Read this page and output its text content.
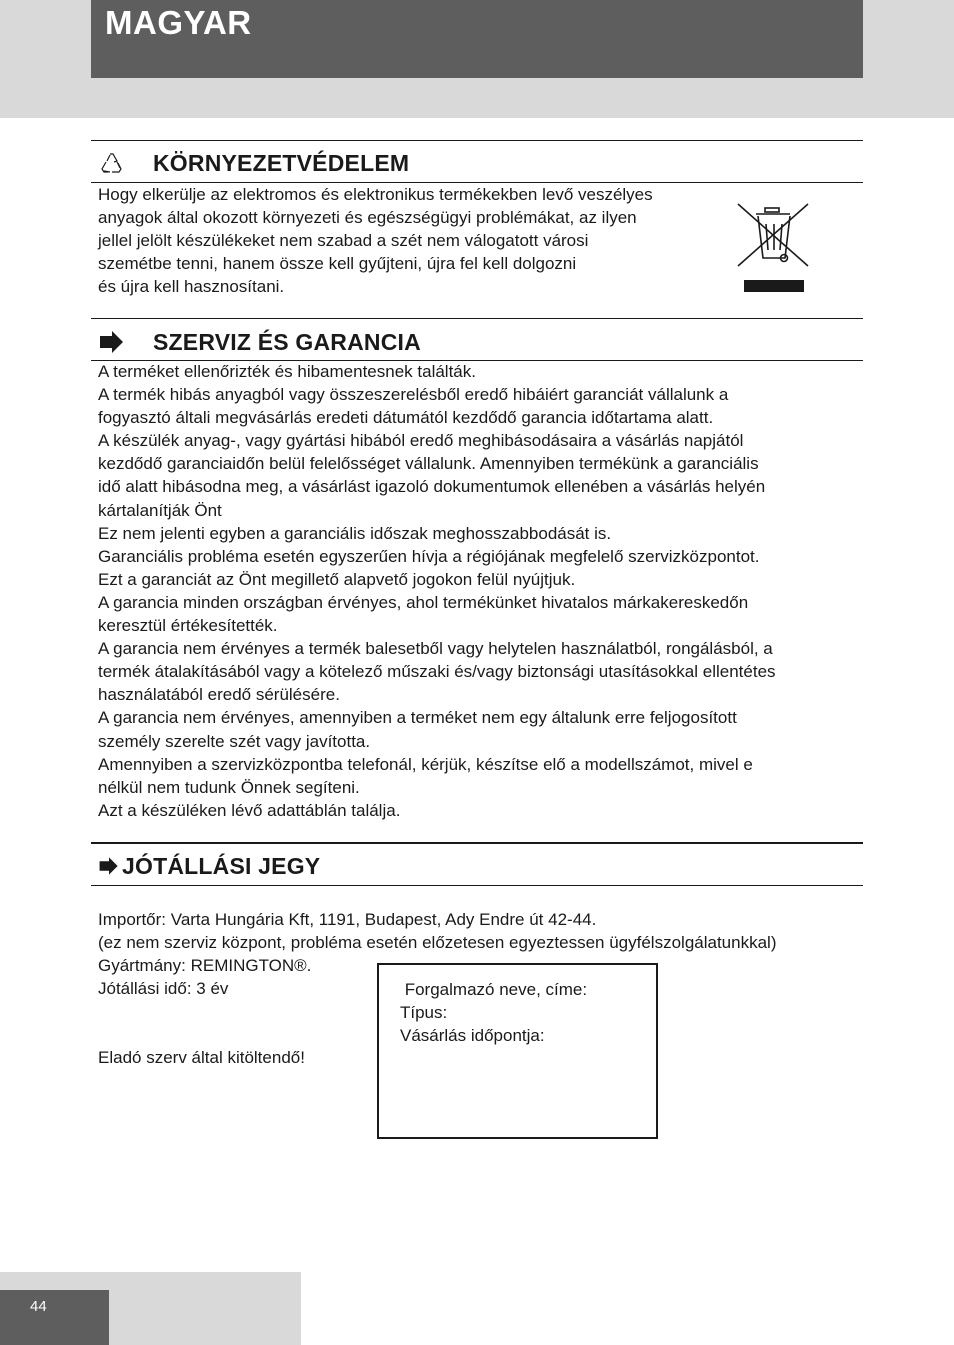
MAGYAR
KÖRNYEZETVÉDELEM
Hogy elkerülje az elektromos és elektronikus termékekben levő veszélyes
anyagok által okozott környezeti és egészségügyi problémákat, az ilyen
jellel jelölt készülékeket nem szabad a szét nem válogatott városi
szemétbe tenni, hanem össze kell gyűjteni, újra fel kell dolgozni
és újra kell hasznosítani.
SZERVIZ ÉS GARANCIA
A terméket ellenőrizték és hibamentesnek találták.
A termék hibás anyagból vagy összeszerelésből eredő hibáiért garanciát vállalunk a
fogyasztó általi megvásárlás eredeti dátumától kezdődő garancia időtartama alatt.
A készülék anyag-, vagy gyártási hibából eredő meghibásodásaira a vásárlás napjától
kezdődő garanciaidőn belül felelősséget vállalunk. Amennyiben termékünk a garanciális
idő alatt hibásodna meg, a vásárlást igazoló dokumentumok ellenében a vásárlás helyén
kártalanítják Önt
Ez nem jelenti egyben a garanciális időszak meghosszabbodását is.
Garanciális probléma esetén egyszerűen hívja a régiójának megfelelő szervizközpontot.
Ezt a garanciát az Önt megillető alapvető jogokon felül nyújtjuk.
A garancia minden országban érvényes, ahol termékünket hivatalos márkakereskedőn
keresztül értékesítették.
A garancia nem érvényes a termék balesetből vagy helytelen használatból, rongálásból, a
termék átalakításából vagy a kötelező műszaki és/vagy biztonsági utasításokkal ellentétes
használatából eredő sérülésére.
A garancia nem érvényes, amennyiben a terméket nem egy általunk erre feljogosított
személy szerelte szét vagy javította.
Amennyiben a szervizközpontba telefonál, kérjük, készítse elő a modellszámot, mivel e
nélkül nem tudunk Önnek segíteni.
Azt a készüléken lévő adattáblán találja.
JÓTÁLLÁSI JEGY
Importőr: Varta Hungária Kft, 1191, Budapest, Ady Endre út 42-44.
(ez nem szerviz központ, probléma esetén előzetesen egyeztessen ügyfélszolgálatunkkal)
Gyártmány: REMINGTON®.
Jótállási idő: 3 év
Eladó szerv által kitöltendő!
Forgalmazó neve, címe:
Típus:
Vásárlás időpontja:
44
